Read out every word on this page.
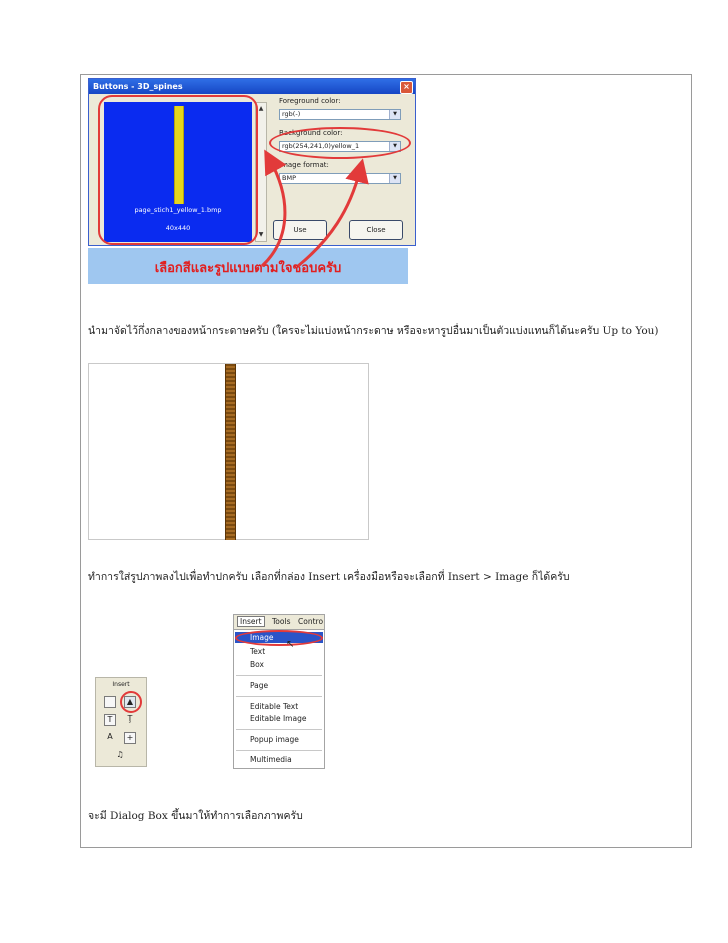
Buttons - 3D_spines	×
page_stich1_yellow_1.bmp
40x440
▲
▼
Foreground color:
rgb(-)	▼
Background color:
rgb(254,241,0)yellow_1	▼
Image format:
BMP	▼
Use	Close
เลือกสีและรูปแบบตามใจชอบครับ
นำมาจัดไว้กึ่งกลางของหน้ากระดาษครับ (ใครจะไม่แบ่งหน้ากระดาษ หรือจะหารูปอื่นมาเป็นตัวแบ่งแทนก็ได้นะครับ Up to You)
ทำการใส่รูปภาพลงไปเพื่อทำปกครับ เลือกที่กล่อง Insert เครื่องมือหรือจะเลือกที่ Insert > Image ก็ได้ครับ
Insert
▲
T	Ţ
A	+
♫
Insert	Tools Contro
Image
Text
Box
Page
Editable Text
Editable Image
Popup image
Multimedia
↖
จะมี Dialog Box ขึ้นมาให้ทำการเลือกภาพครับ
